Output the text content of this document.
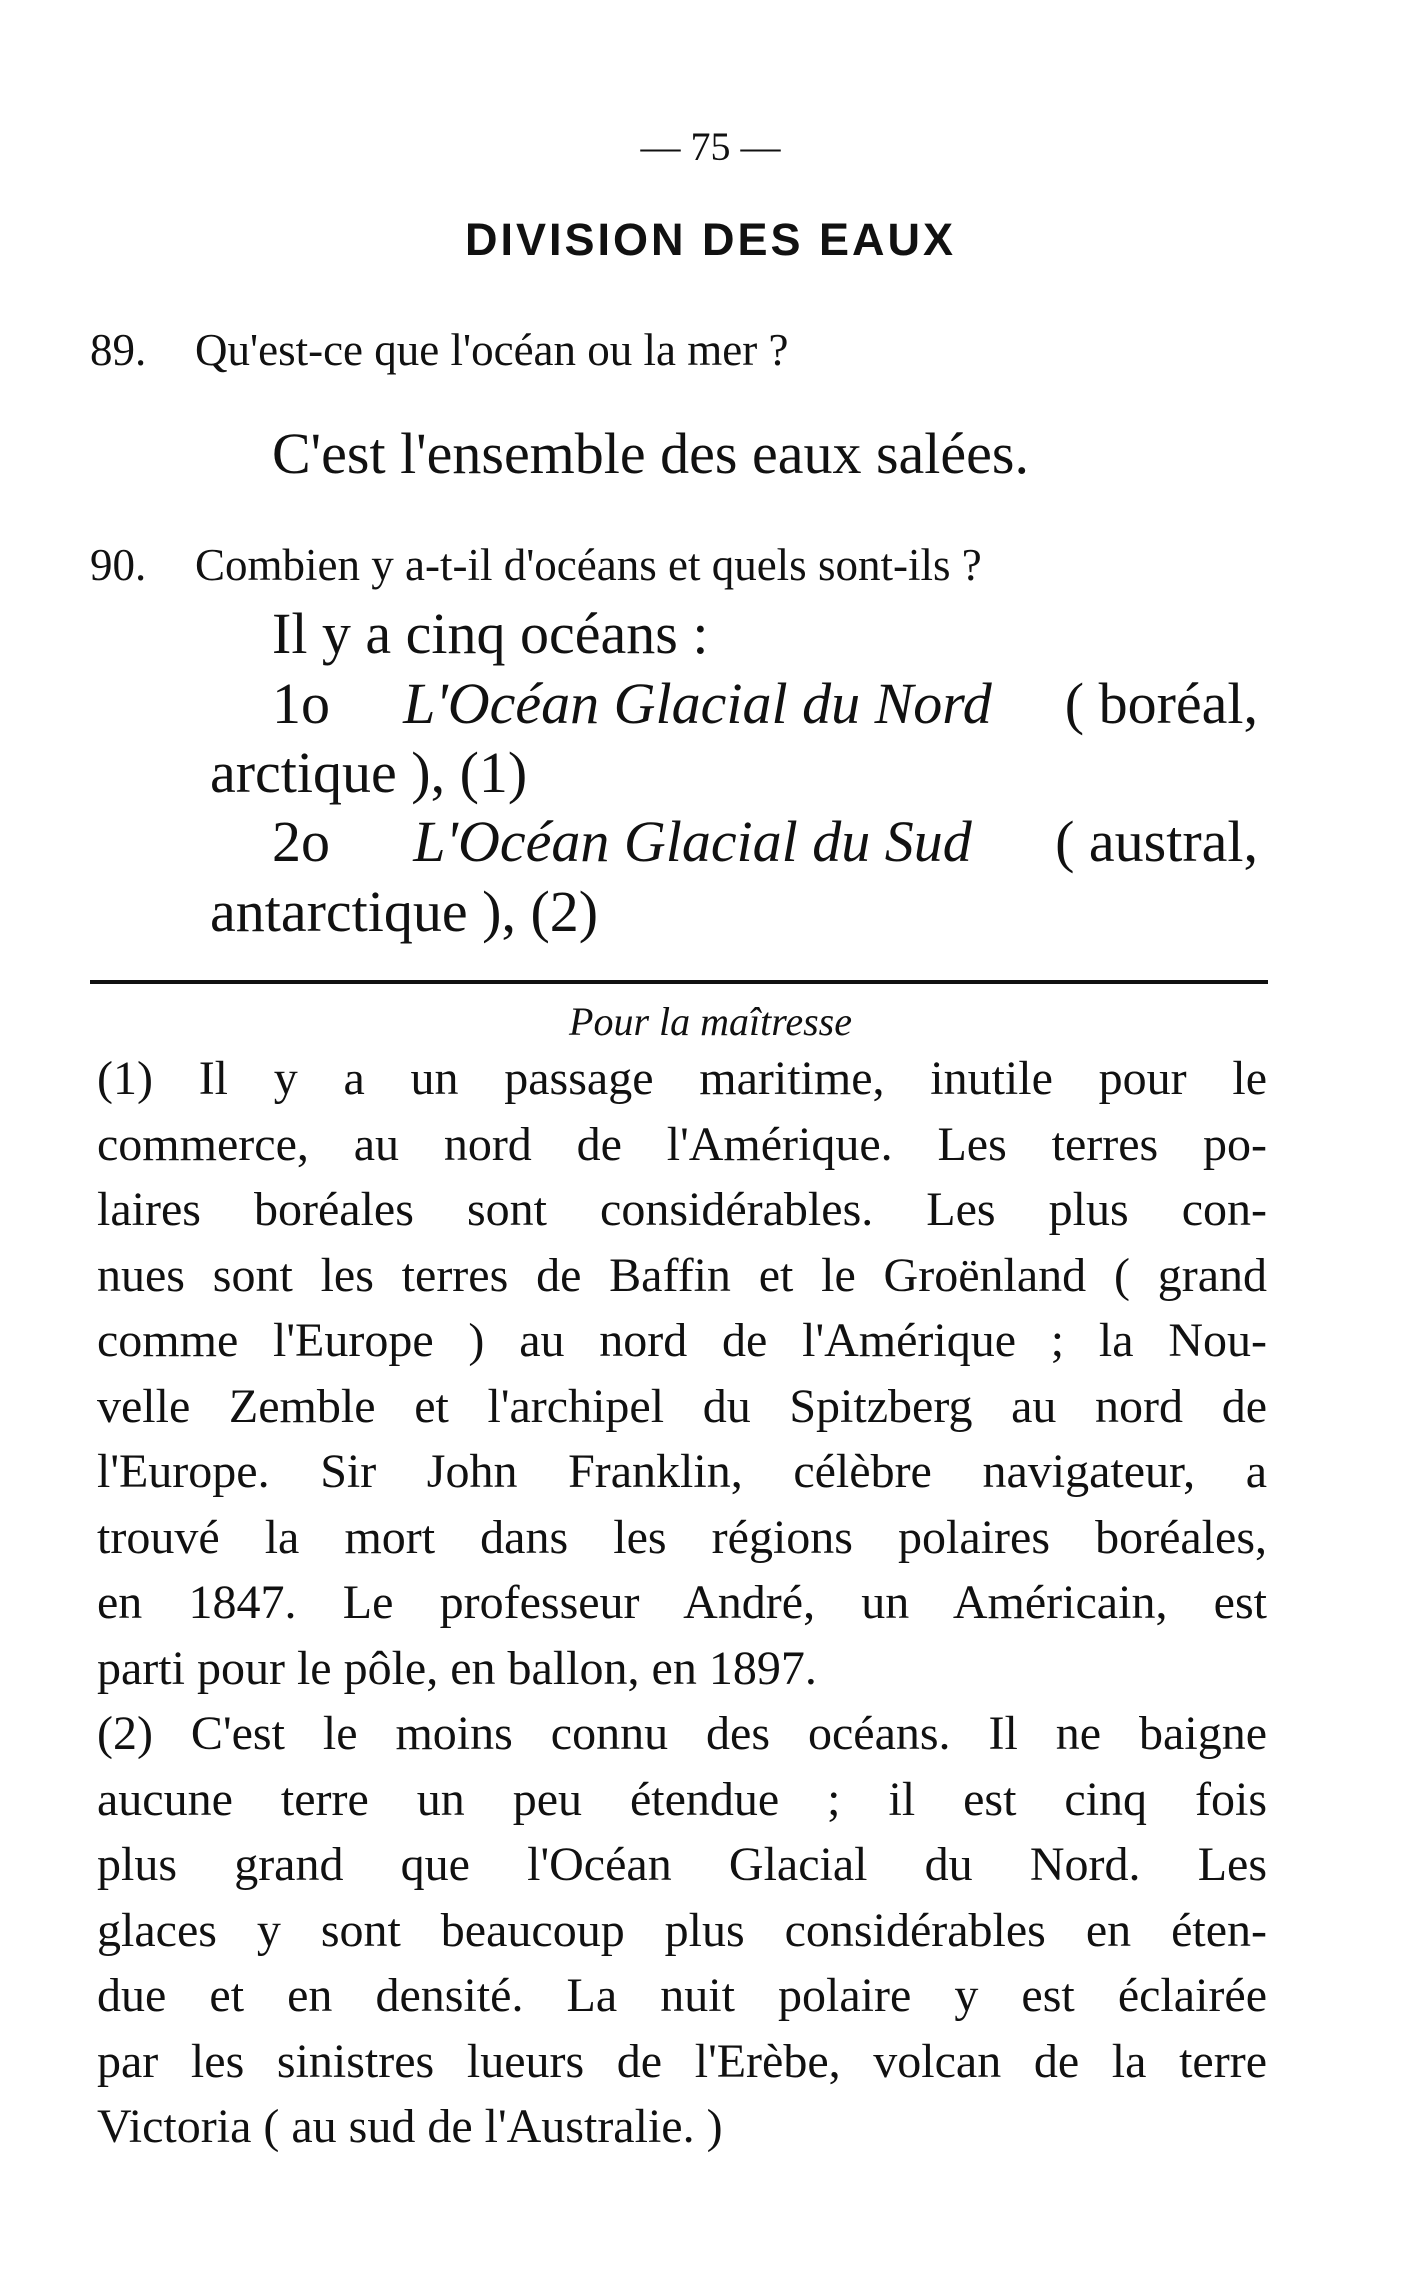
— 75 —
DIVISION DES EAUX
89. Qu'est-ce que l'océan ou la mer ?
C'est l'ensemble des eaux salées.
90. Combien y a-t-il d'océans et quels sont-ils ?
Il y a cinq océans :
1o L'Océan Glacial du Nord ( boréal,
arctique ), (1)
2o L'Océan Glacial du Sud ( austral,
antarctique ), (2)
Pour la maîtresse
(1) Il y a un passage maritime, inutile pour le
commerce, au nord de l'Amérique. Les terres po-
laires boréales sont considérables. Les plus con-
nues sont les terres de Baffin et le Groënland ( grand
comme l'Europe ) au nord de l'Amérique ; la Nou-
velle Zemble et l'archipel du Spitzberg au nord de
l'Europe. Sir John Franklin, célèbre navigateur, a
trouvé la mort dans les régions polaires boréales,
en 1847. Le professeur André, un Américain, est
parti pour le pôle, en ballon, en 1897.
(2) C'est le moins connu des océans. Il ne baigne
aucune terre un peu étendue ; il est cinq fois
plus grand que l'Océan Glacial du Nord. Les
glaces y sont beaucoup plus considérables en éten-
due et en densité. La nuit polaire y est éclairée
par les sinistres lueurs de l'Erèbe, volcan de la terre
Victoria ( au sud de l'Australie. )
